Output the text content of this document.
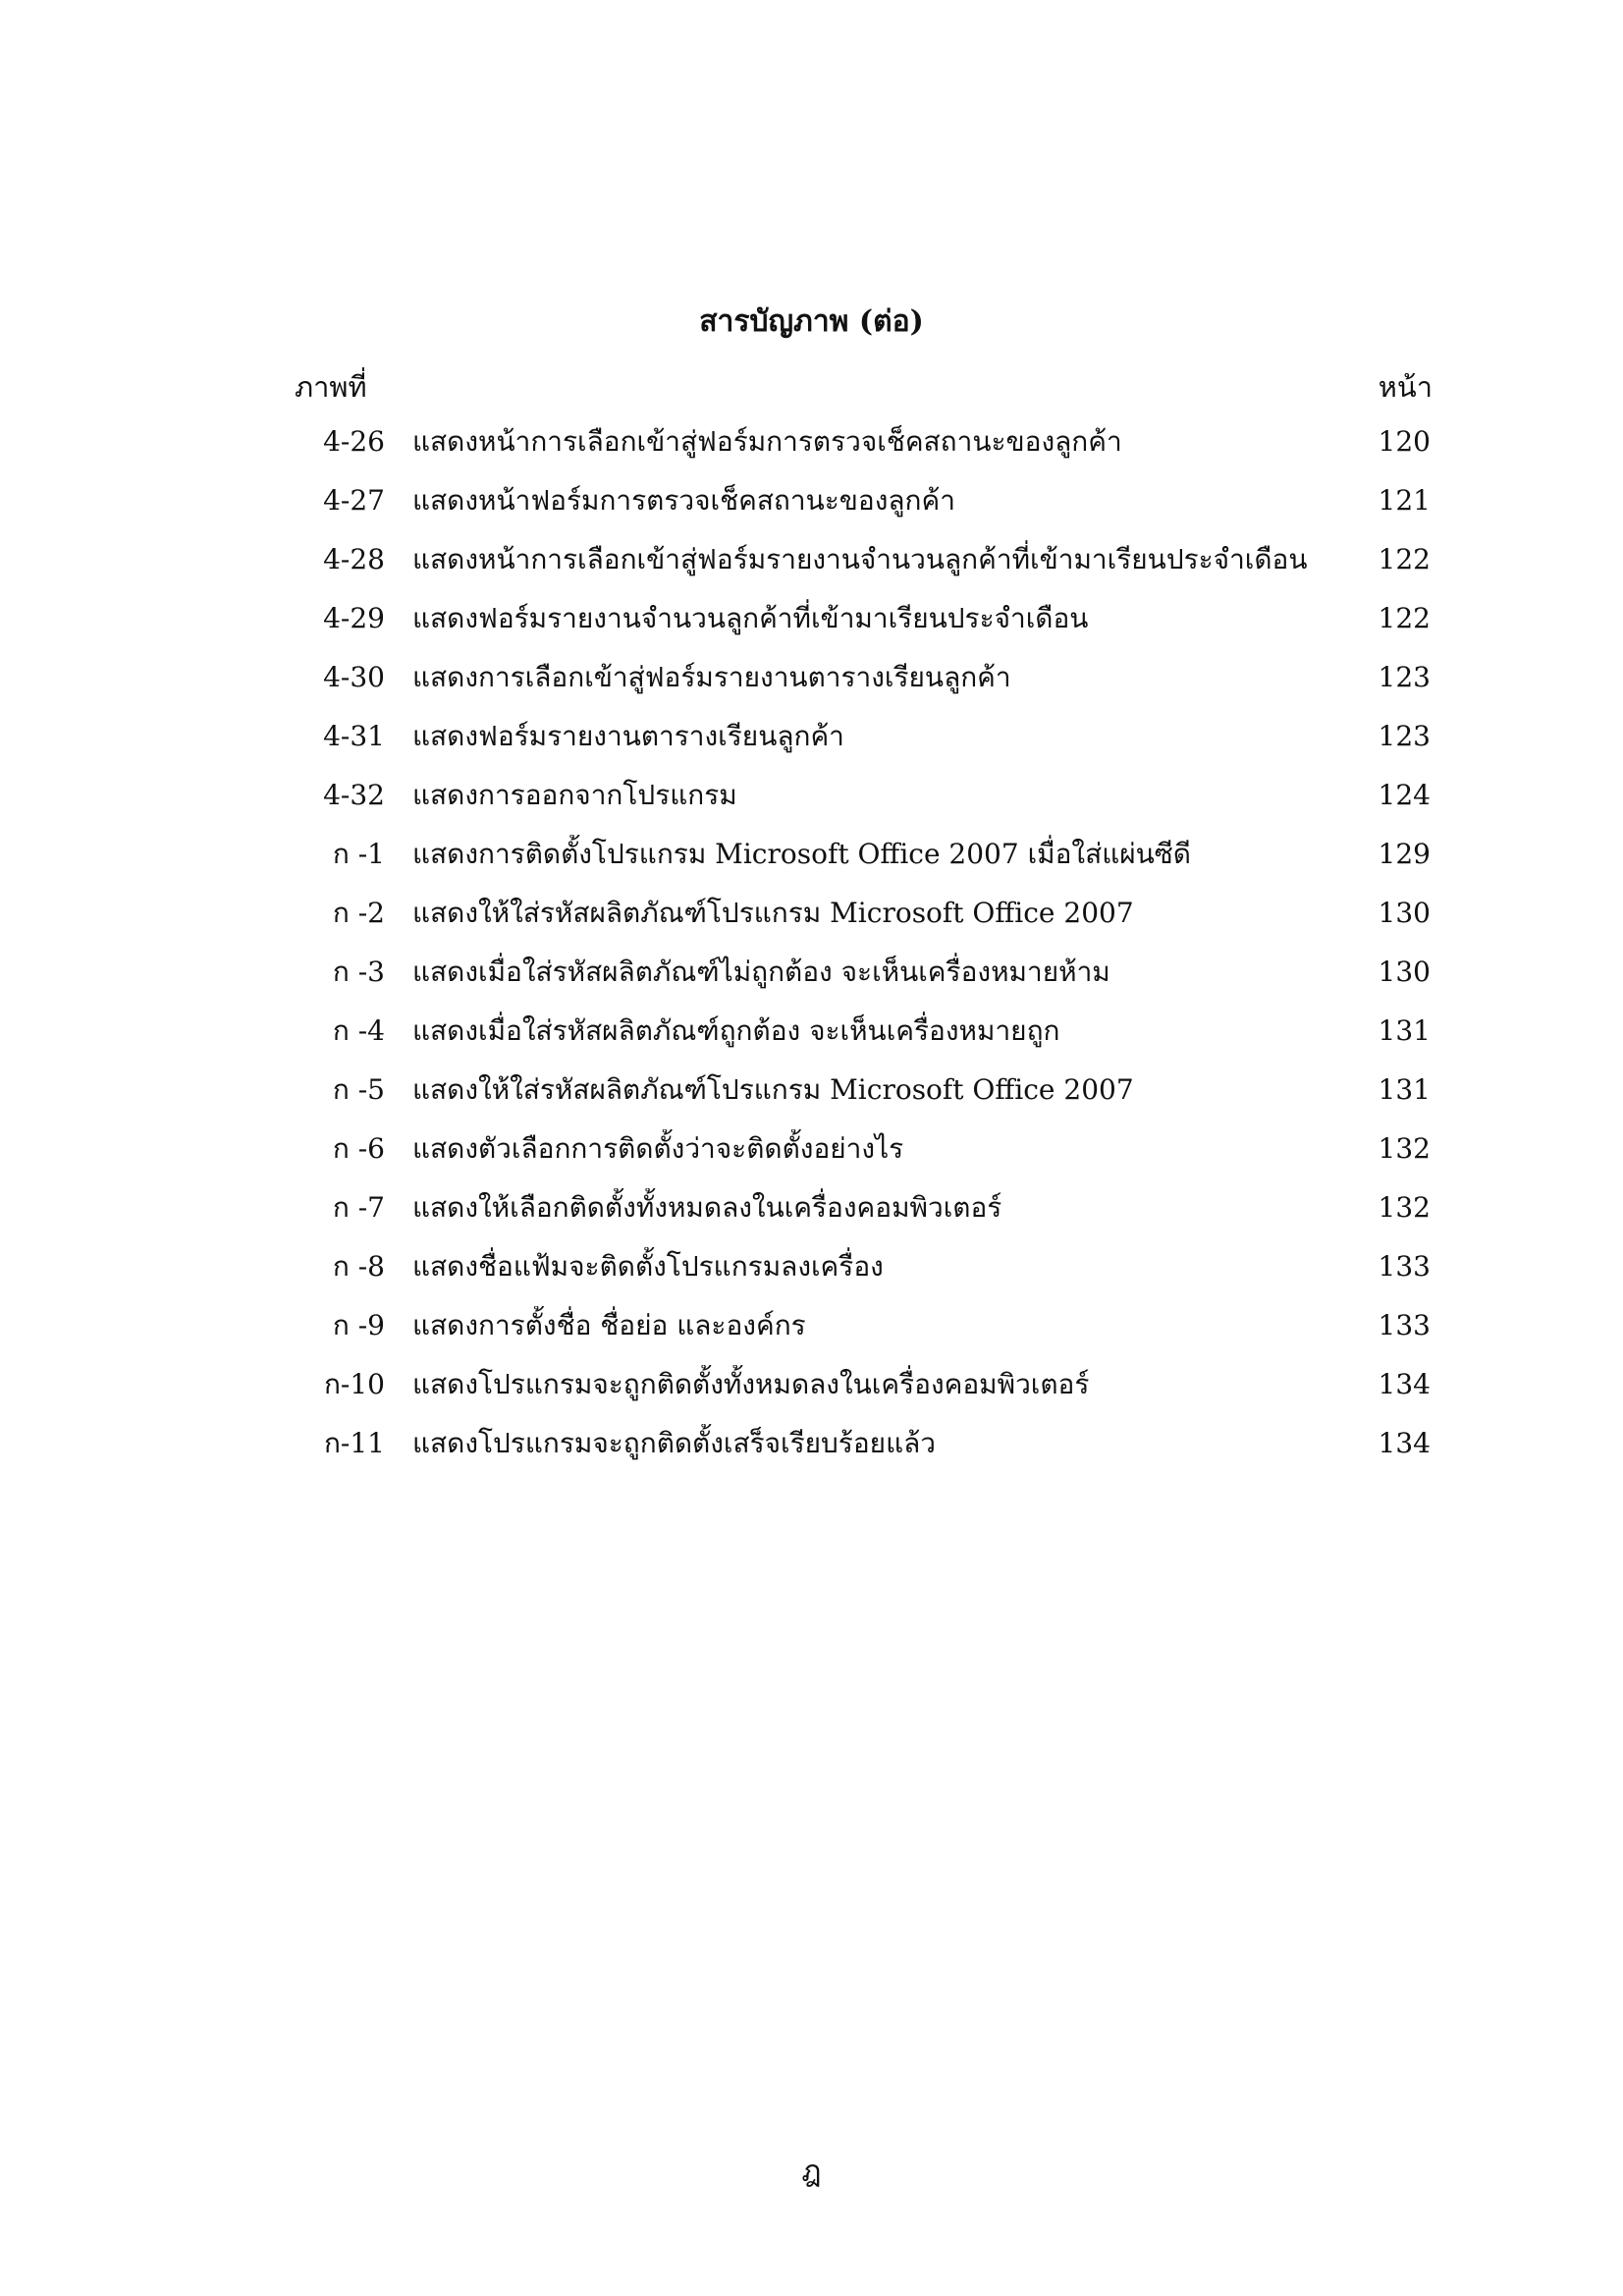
สารบัญภาพ (ต่อ)
ภาพที่	หน้า
4-26 แสดงหน้าการเลือกเข้าสู่ฟอร์มการตรวจเช็คสถานะของลูกค้า	120
4-27 แสดงหน้าฟอร์มการตรวจเช็คสถานะของลูกค้า	121
4-28 แสดงหน้าการเลือกเข้าสู่ฟอร์มรายงานจำนวนลูกค้าที่เข้ามาเรียนประจำเดือน	122
4-29 แสดงฟอร์มรายงานจำนวนลูกค้าที่เข้ามาเรียนประจำเดือน	122
4-30 แสดงการเลือกเข้าสู่ฟอร์มรายงานตารางเรียนลูกค้า	123
4-31 แสดงฟอร์มรายงานตารางเรียนลูกค้า	123
4-32 แสดงการออกจากโปรแกรม	124
ก -1 แสดงการติดตั้งโปรแกรม Microsoft Office 2007 เมื่อใส่แผ่นซีดี	129
ก -2 แสดงให้ใส่รหัสผลิตภัณฑ์โปรแกรม Microsoft Office 2007	130
ก -3 แสดงเมื่อใส่รหัสผลิตภัณฑ์ไม่ถูกต้อง จะเห็นเครื่องหมายห้าม	130
ก -4 แสดงเมื่อใส่รหัสผลิตภัณฑ์ถูกต้อง จะเห็นเครื่องหมายถูก	131
ก -5 แสดงให้ใส่รหัสผลิตภัณฑ์โปรแกรม Microsoft Office 2007	131
ก -6 แสดงตัวเลือกการติดตั้งว่าจะติดตั้งอย่างไร	132
ก -7 แสดงให้เลือกติดตั้งทั้งหมดลงในเครื่องคอมพิวเตอร์	132
ก -8 แสดงชื่อแฟ้มจะติดตั้งโปรแกรมลงเครื่อง	133
ก -9 แสดงการตั้งชื่อ ชื่อย่อ และองค์กร	133
ก-10 แสดงโปรแกรมจะถูกติดตั้งทั้งหมดลงในเครื่องคอมพิวเตอร์	134
ก-11 แสดงโปรแกรมจะถูกติดตั้งเสร็จเรียบร้อยแล้ว	134
ฎ
